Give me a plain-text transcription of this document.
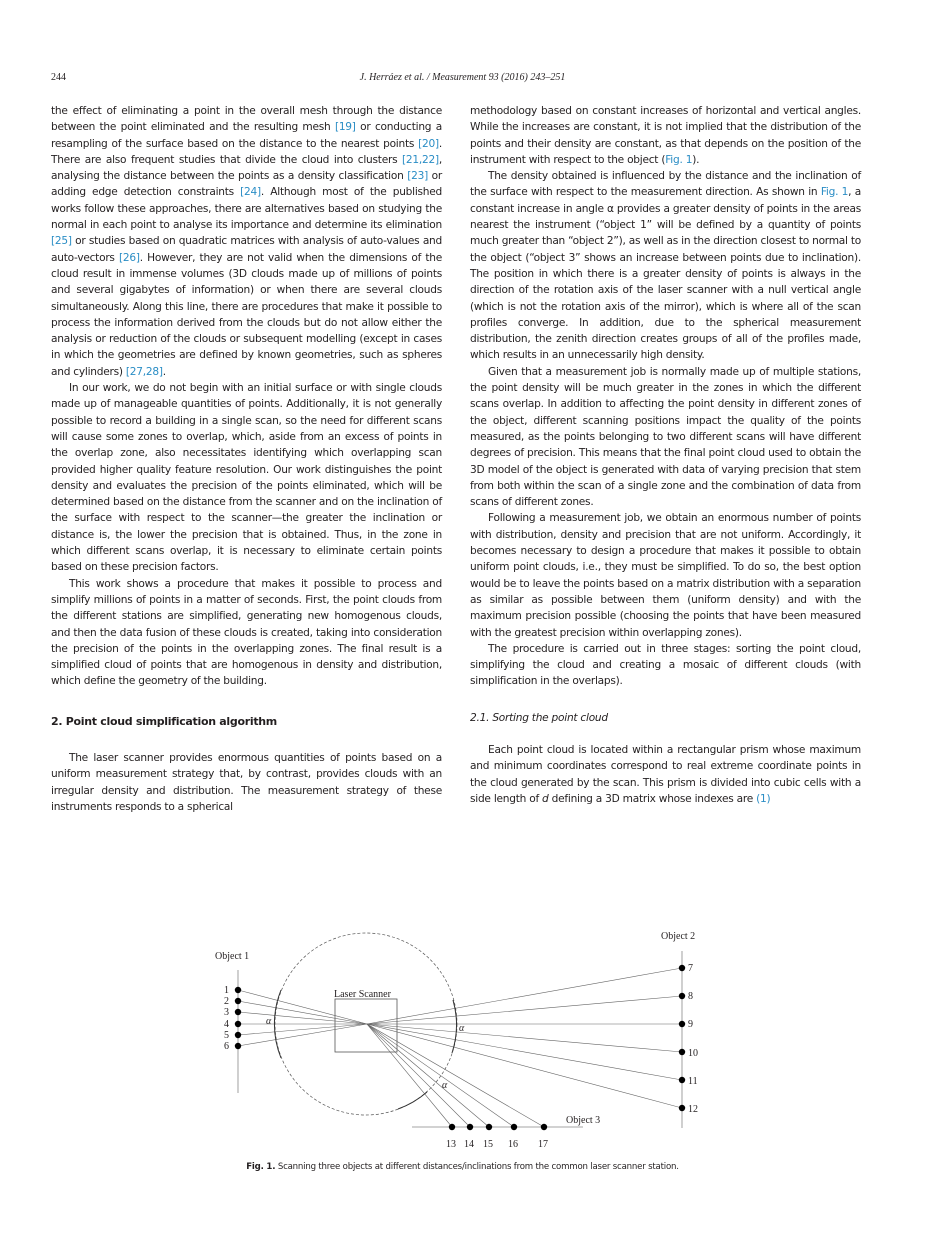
244	J. Herráez et al. / Measurement 93 (2016) 243–251

the effect of eliminating a point in the overall mesh through the distance between the point eliminated and the resulting mesh [19] or conducting a resampling of the surface based on the distance to the nearest points [20]. There are also frequent studies that divide the cloud into clusters [21,22], analysing the distance between the points as a density classification [23] or adding edge detection constraints [24]. Although most of the published works follow these approaches, there are alternatives based on studying the normal in each point to analyse its importance and determine its elimination [25] or studies based on quadratic matrices with analysis of auto-values and auto-vectors [26]. However, they are not valid when the dimensions of the cloud result in immense volumes (3D clouds made up of millions of points and several gigabytes of information) or when there are several clouds simultaneously. Along this line, there are procedures that make it possible to process the information derived from the clouds but do not allow either the analysis or reduction of the clouds or subsequent modelling (except in cases in which the geometries are defined by known geometries, such as spheres and cylinders) [27,28].

In our work, we do not begin with an initial surface or with single clouds made up of manageable quantities of points. Additionally, it is not generally possible to record a building in a single scan, so the need for different scans will cause some zones to overlap, which, aside from an excess of points in the overlap zone, also necessitates identifying which overlapping scan provided higher quality feature resolution. Our work distinguishes the point density and evaluates the precision of the points eliminated, which will be determined based on the distance from the scanner and on the inclination of the surface with respect to the scanner—the greater the inclination or distance is, the lower the precision that is obtained. Thus, in the zone in which different scans overlap, it is necessary to eliminate certain points based on these precision factors.

This work shows a procedure that makes it possible to process and simplify millions of points in a matter of seconds. First, the point clouds from the different stations are simplified, generating new homogenous clouds, and then the data fusion of these clouds is created, taking into consideration the precision of the points in the overlapping zones. The final result is a simplified cloud of points that are homogenous in density and distribution, which define the geometry of the building.

2. Point cloud simplification algorithm

The laser scanner provides enormous quantities of points based on a uniform measurement strategy that, by contrast, provides clouds with an irregular density and distribution. The measurement strategy of these instruments responds to a spherical

methodology based on constant increases of horizontal and vertical angles. While the increases are constant, it is not implied that the distribution of the points and their density are constant, as that depends on the position of the instrument with respect to the object (Fig. 1).

The density obtained is influenced by the distance and the inclination of the surface with respect to the measurement direction. As shown in Fig. 1, a constant increase in angle α provides a greater density of points in the areas nearest the instrument (“object 1” will be defined by a quantity of points much greater than “object 2”), as well as in the direction closest to normal to the object (“object 3” shows an increase between points due to inclination). The position in which there is a greater density of points is always in the direction of the rotation axis of the laser scanner with a null vertical angle (which is not the rotation axis of the mirror), which is where all of the scan profiles converge. In addition, due to the spherical measurement distribution, the zenith direction creates groups of all of the profiles made, which results in an unnecessarily high density.

Given that a measurement job is normally made up of multiple stations, the point density will be much greater in the zones in which the different scans overlap. In addition to affecting the point density in different zones of the object, different scanning positions impact the quality of the points measured, as the points belonging to two different scans will have different degrees of precision. This means that the final point cloud used to obtain the 3D model of the object is generated with data of varying precision that stem from both within the scan of a single zone and the combination of data from scans of different zones.

Following a measurement job, we obtain an enormous number of points with distribution, density and precision that are not uniform. Accordingly, it becomes necessary to design a procedure that makes it possible to obtain uniform point clouds, i.e., they must be simplified. To do so, the best option would be to leave the points based on a matrix distribution with a separation as similar as possible between them (uniform density) and with the maximum precision possible (choosing the points that have been measured with the greatest precision within overlapping zones).

The procedure is carried out in three stages: sorting the point cloud, simplifying the cloud and creating a mosaic of different clouds (with simplification in the overlaps).

2.1. Sorting the point cloud

Each point cloud is located within a rectangular prism whose maximum and minimum coordinates correspond to real extreme coordinate points in the cloud generated by the scan. This prism is divided into cubic cells with a side length of d defining a 3D matrix whose indexes are (1)

Laser Scanner
α
α
α
Object 1
Object 2
Object 3
1
2
3
4
5
6
7
8
9
10
11
12
13 14 15 16 17
Fig. 1. Scanning three objects at different distances/inclinations from the common laser scanner station.
